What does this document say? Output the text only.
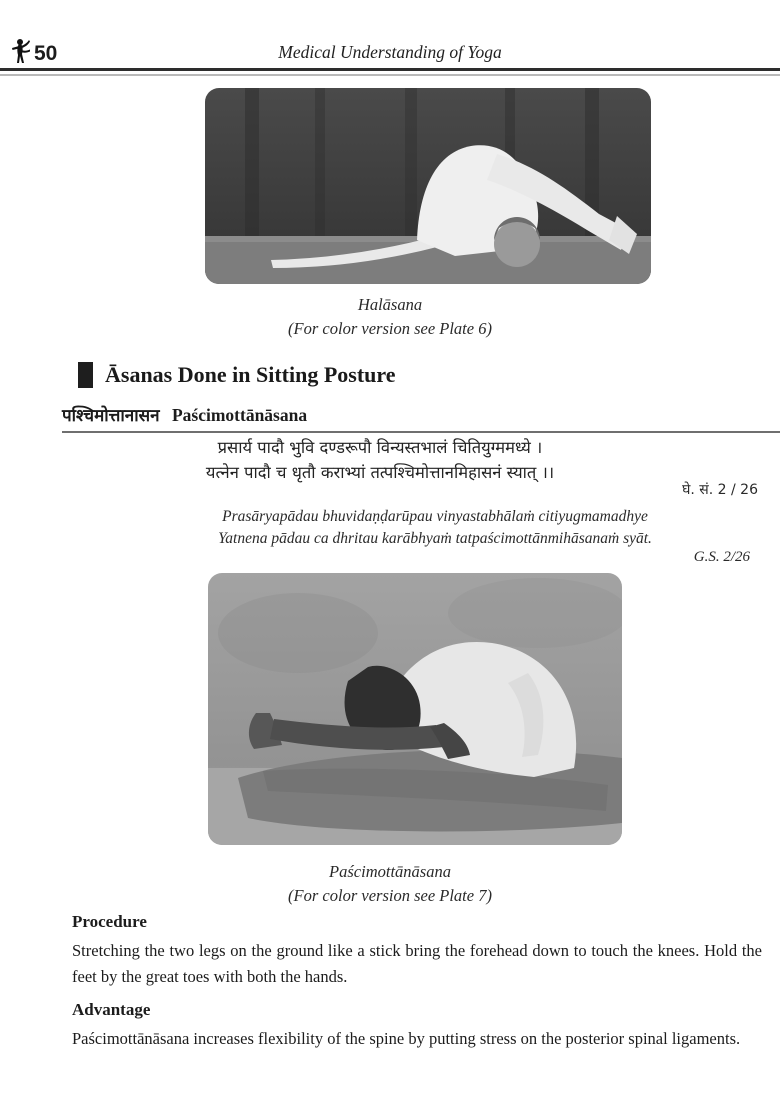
50	Medical Understanding of Yoga
Halāsana
(For color version see Plate 6)
Āsanas Done in Sitting Posture
पश्चिमोत्तानासन Paścimottānāsana
प्रसार्य पादौ भुवि दण्डरूपौ विन्यस्तभालं चितियुग्ममध्ये ।
यत्नेन पादौ च धृतौ कराभ्यां तत्पश्चिमोत्तानमिहासनं स्यात् ।।
घे. सं. 2 / 26
Prasāryapādau bhuvidaṇḍarūpau vinyastabhālaṁ citiyugmamadhye
Yatnena pādau ca dhritau karābhyaṁ tatpaścimottānmihāsanaṁ syāt.
G.S. 2/26
Paścimottānāsana
(For color version see Plate 7)
Procedure
Stretching the two legs on the ground like a stick bring the forehead down to touch the knees. Hold the feet by the great toes with both the hands.
Advantage
Paścimottānāsana increases flexibility of the spine by putting stress on the posterior spinal ligaments.
